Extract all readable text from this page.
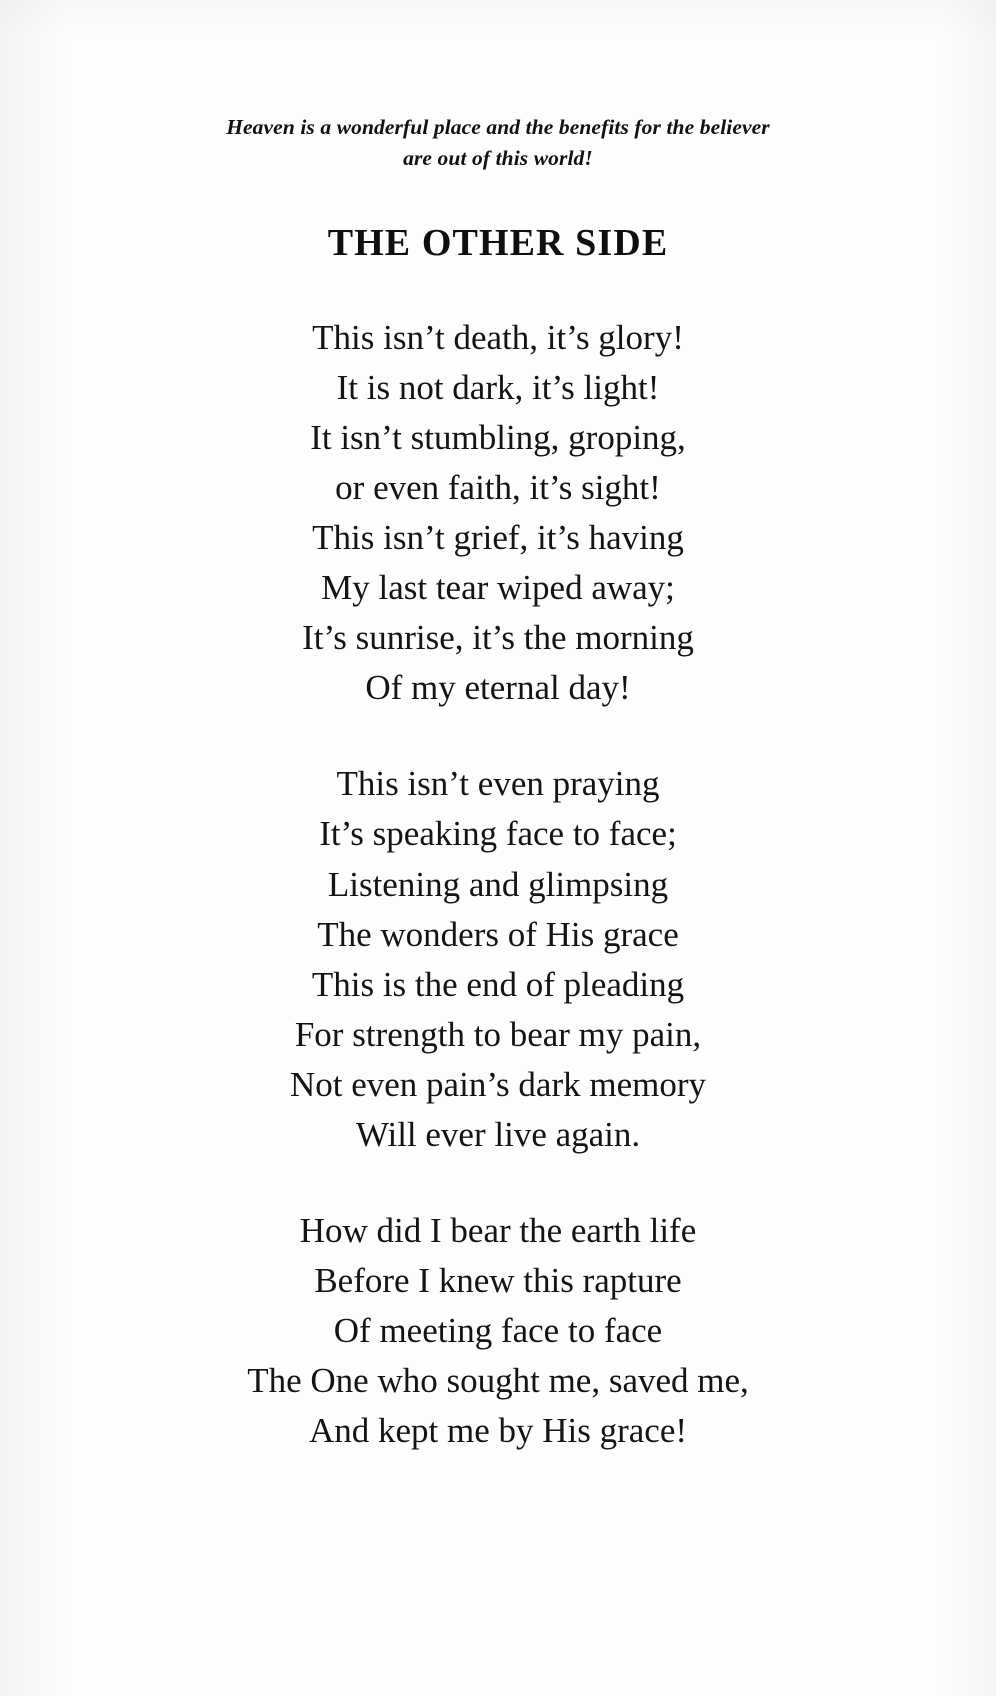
Heaven is a wonderful place and the benefits for the believer
are out of this world!
THE OTHER SIDE
This isn’t death, it’s glory!
It is not dark, it’s light!
It isn’t stumbling, groping,
or even faith, it’s sight!
This isn’t grief, it’s having
My last tear wiped away;
It’s sunrise, it’s the morning
Of my eternal day!
This isn’t even praying
It’s speaking face to face;
Listening and glimpsing
The wonders of His grace
This is the end of pleading
For strength to bear my pain,
Not even pain’s dark memory
Will ever live again.
How did I bear the earth life
Before I knew this rapture
Of meeting face to face
The One who sought me, saved me,
And kept me by His grace!
